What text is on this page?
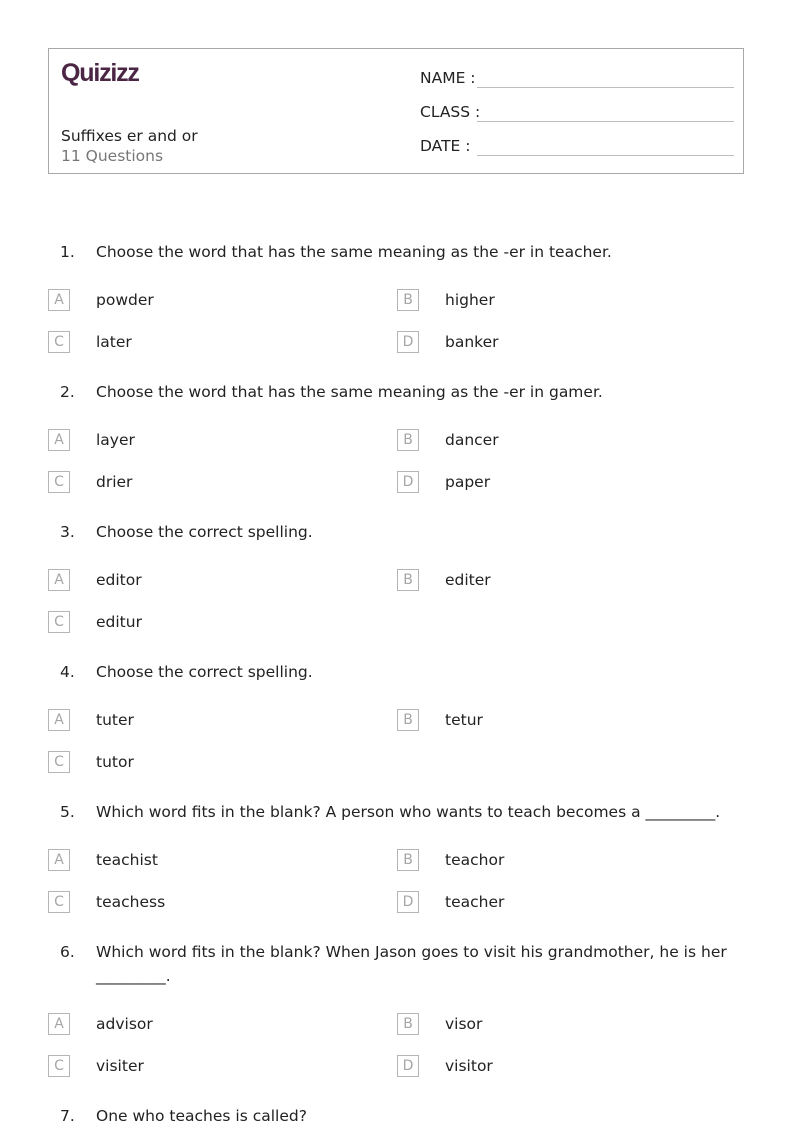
Quizizz
Suffixes er and or
11 Questions
NAME :
CLASS :
DATE :
1. Choose the word that has the same meaning as the -er in teacher.
A	powder	B	higher
C	later	D	banker
2. Choose the word that has the same meaning as the -er in gamer.
A	layer	B	dancer
C	drier	D	paper
3. Choose the correct spelling.
A	editor	B	editer
C	editur
4. Choose the correct spelling.
A	tuter	B	tetur
C	tutor
5. Which word fits in the blank? A person who wants to teach becomes a _________.
A	teachist	B	teachor
C	teachess	D	teacher
6. Which word fits in the blank? When Jason goes to visit his grandmother, he is her _________.
A	advisor	B	visor
C	visiter	D	visitor
7. One who teaches is called?
